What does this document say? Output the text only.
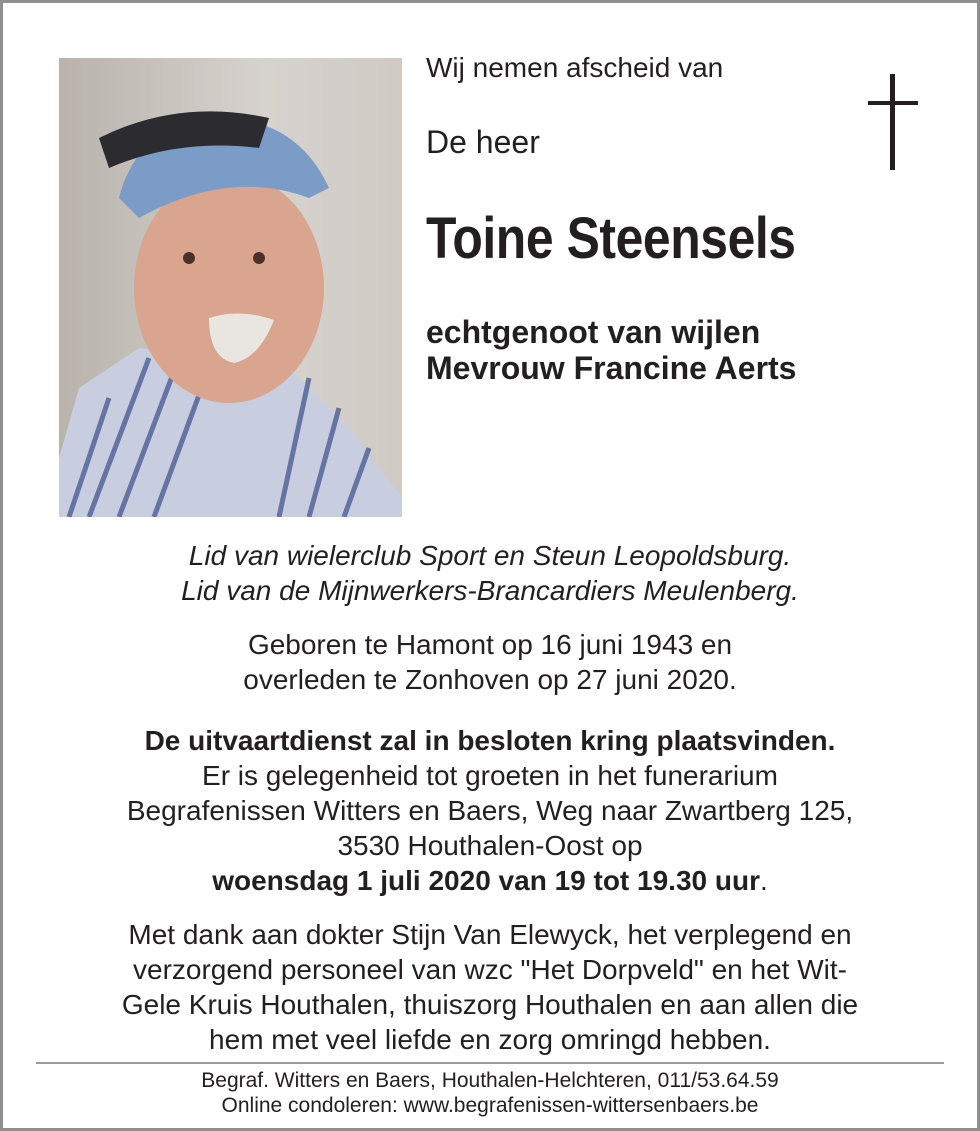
Wij nemen afscheid van
De heer
Toine Steensels
echtgenoot van wijlen
Mevrouw Francine Aerts
Lid van wielerclub Sport en Steun Leopoldsburg.
Lid van de Mijnwerkers-Brancardiers Meulenberg.
Geboren te Hamont op 16 juni 1943 en
overleden te Zonhoven op 27 juni 2020.
De uitvaartdienst zal in besloten kring plaatsvinden.
Er is gelegenheid tot groeten in het funerarium
Begrafenissen Witters en Baers, Weg naar Zwartberg 125,
3530 Houthalen-Oost op
woensdag 1 juli 2020 van 19 tot 19.30 uur.
Met dank aan dokter Stijn Van Elewyck, het verplegend en
verzorgend personeel van wzc "Het Dorpveld" en het Wit-
Gele Kruis Houthalen, thuiszorg Houthalen en aan allen die
hem met veel liefde en zorg omringd hebben.
Begraf. Witters en Baers, Houthalen-Helchteren, 011/53.64.59
Online condoleren: www.begrafenissen-wittersenbaers.be
